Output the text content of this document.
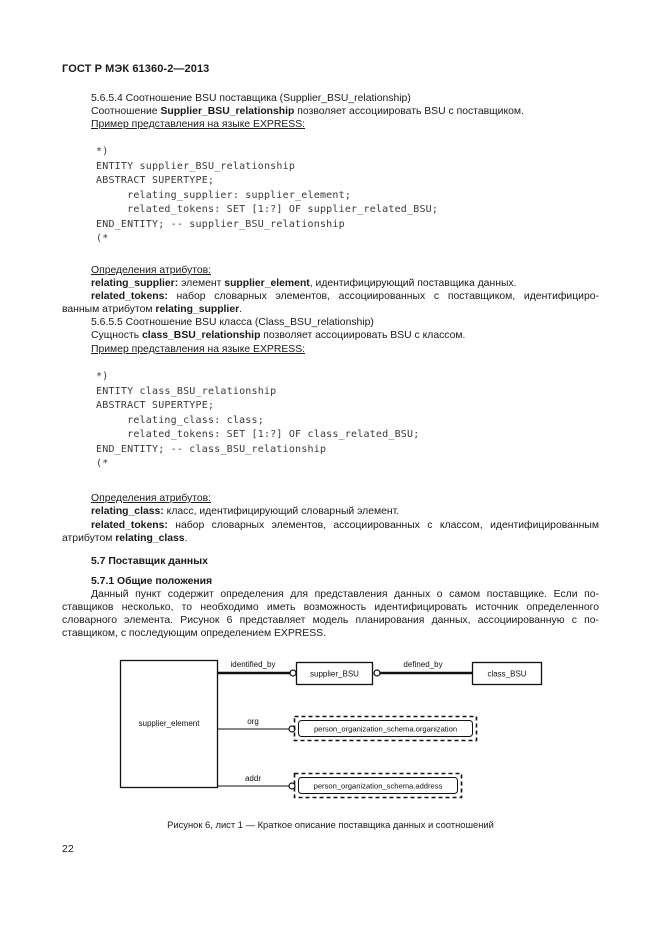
ГОСТ Р МЭК 61360-2—2013
5.6.5.4 Соотношение BSU поставщика (Supplier_BSU_relationship)
Соотношение Supplier_BSU_relationship позволяет ассоциировать BSU с поставщиком.
Пример представления на языке EXPRESS:
*)
ENTITY supplier_BSU_relationship
ABSTRACT SUPERTYPE;
relating_supplier: supplier_element;
related_tokens: SET [1:?] OF supplier_related_BSU;
END_ENTITY; -- supplier_BSU_relationship
(*
Определения атрибутов:
relating_supplier: элемент supplier_element, идентифицирующий поставщика данных.
related_tokens: набор словарных элементов, ассоциированных с поставщиком, идентифициро-
ванным атрибутом relating_supplier.
5.6.5.5 Соотношение BSU класса (Class_BSU_relationship)
Сущность class_BSU_relationship позволяет ассоциировать BSU с классом.
Пример представления на языке EXPRESS:
*)
ENTITY class_BSU_relationship
ABSTRACT SUPERTYPE;
relating_class: class;
related_tokens: SET [1:?] OF class_related_BSU;
END_ENTITY; -- class_BSU_relationship
(*
Определения атрибутов:
relating_class: класс, идентифицирующий словарный элемент.
related_tokens: набор словарных элементов, ассоциированных с классом, идентифицированным
атрибутом relating_class.
5.7 Поставщик данных
5.7.1 Общие положения
Данный пункт содержит определения для представления данных о самом поставщике. Если по-
ставщиков несколько, то необходимо иметь возможность идентифицировать источник определенного
словарного элемента. Рисунок 6 представляет модель планирования данных, ассоциированную с по-
ставщиком, с последующим определением EXPRESS.
supplier_element
identified_by
supplier_BSU
defined_by
class_BSU
org
person_organization_schema.organization
addr
person_organization_schema.address
Рисунок 6, лист 1 — Краткое описание поставщика данных и соотношений
22
